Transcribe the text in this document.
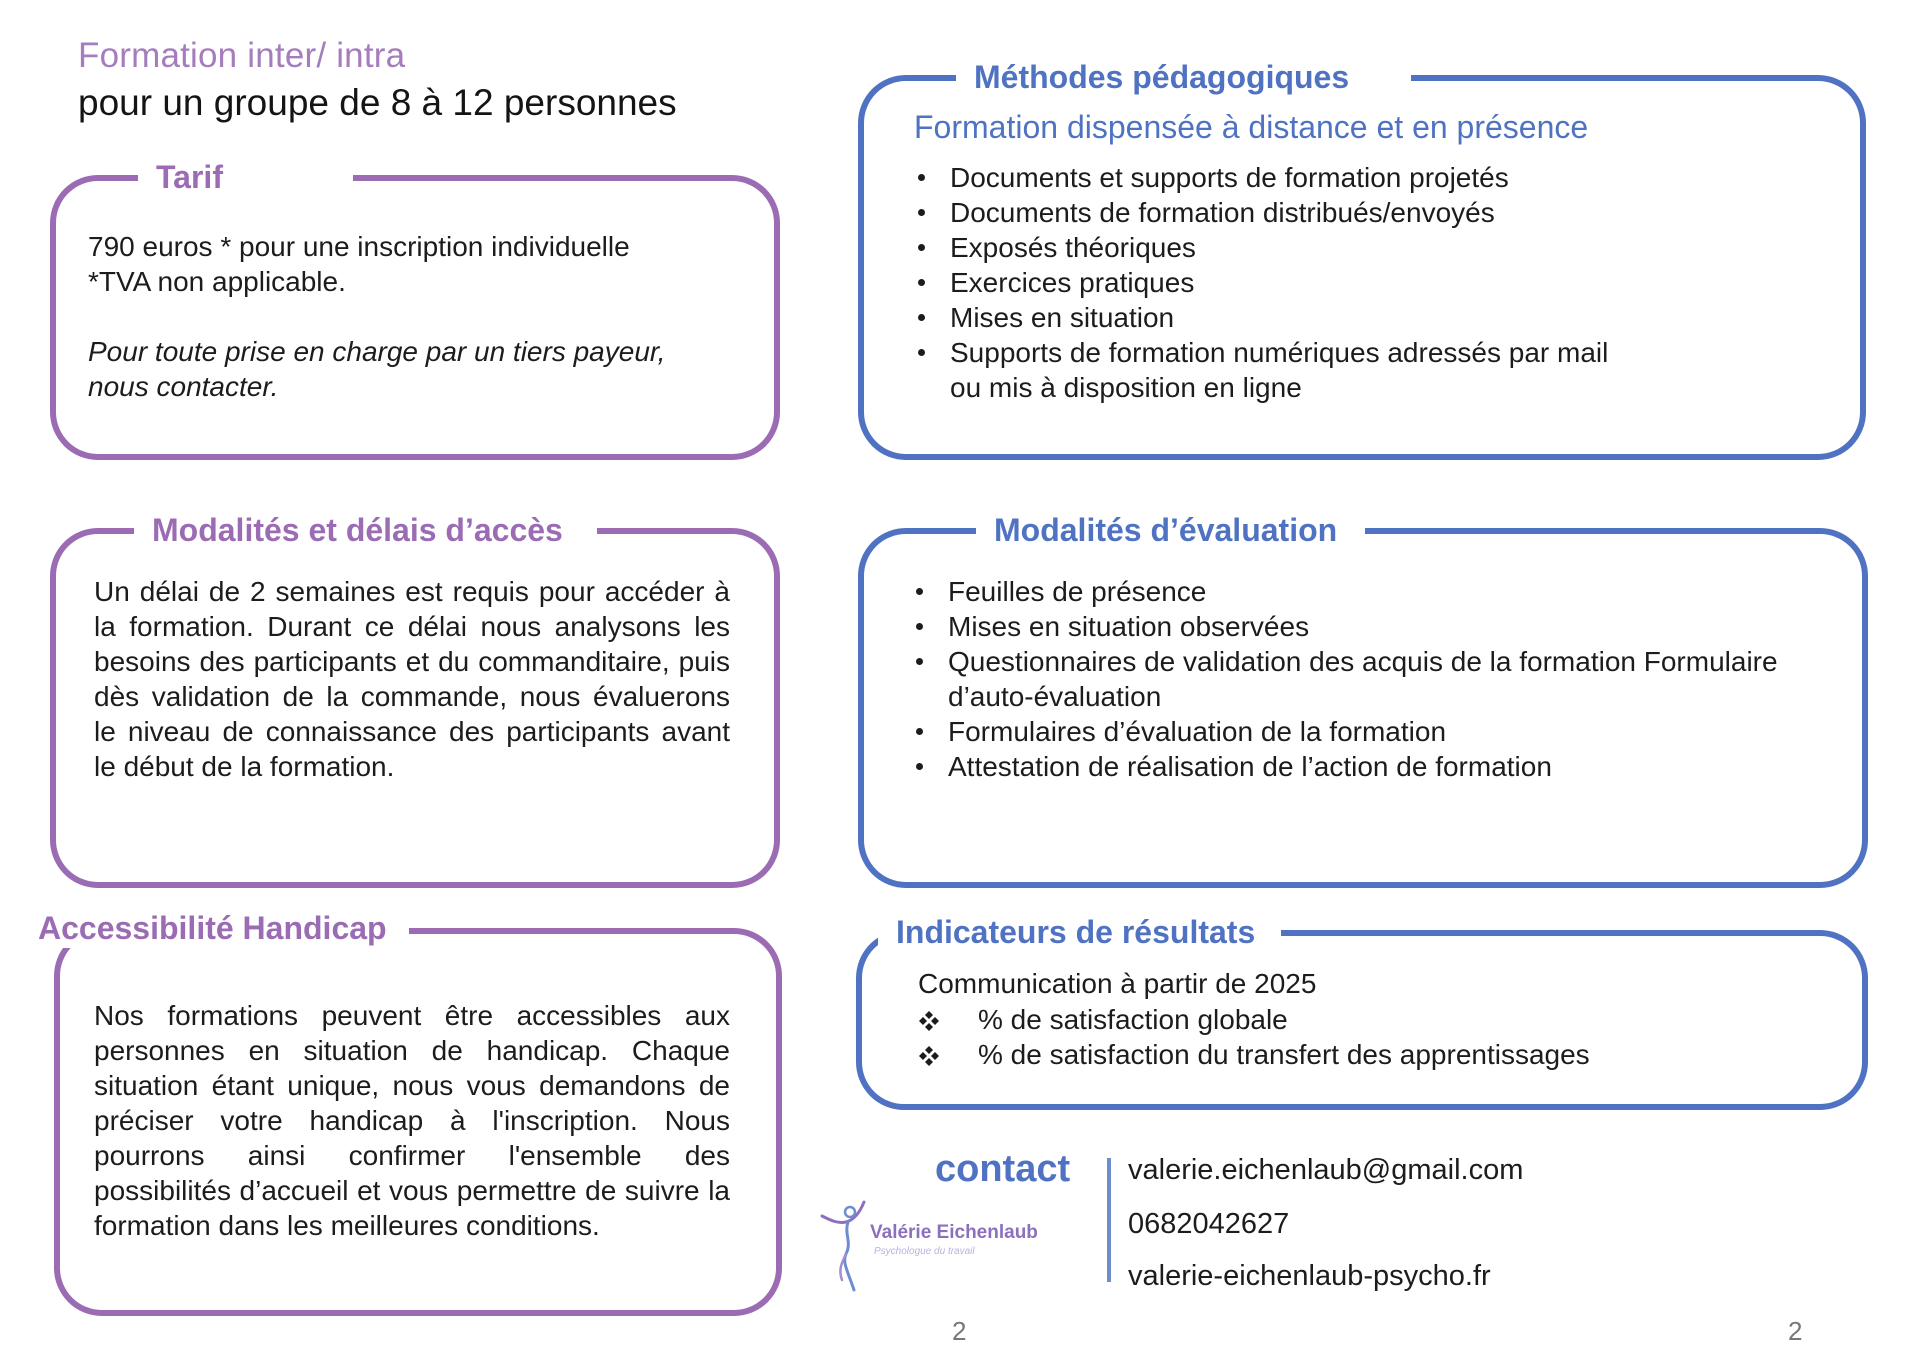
Formation inter/ intra
pour un groupe de 8 à 12 personnes
Tarif
790 euros * pour une inscription individuelle
*TVA non applicable.
Pour toute prise en charge par un tiers payeur, nous contacter.
Modalités et délais d’accès
Un délai de 2 semaines est requis pour accéder à la formation. Durant ce délai nous analysons les besoins des participants et du commanditaire, puis dès validation de la commande, nous évaluerons le niveau de connaissance des participants avant le début de la formation.
Accessibilité Handicap
Nos formations peuvent être accessibles aux personnes en situation de handicap. Chaque situation étant unique, nous vous demandons de préciser votre handicap à l'inscription. Nous pourrons ainsi confirmer l'ensemble des possibilités d’accueil et vous permettre de suivre la formation dans les meilleures conditions.
Méthodes pédagogiques
Formation dispensée à distance et en présence
Documents et supports de formation projetés
Documents de formation distribués/envoyés
Exposés théoriques
Exercices pratiques
Mises en situation
Supports de formation numériques adressés par mail ou mis à disposition en ligne
Modalités d’évaluation
Feuilles de présence
Mises en situation observées
Questionnaires de validation des acquis de la formation Formulaire d’auto-évaluation
Formulaires d’évaluation de la formation
Attestation de réalisation de l’action de formation
Indicateurs de résultats
Communication à partir de 2025
% de satisfaction globale
% de satisfaction du transfert des apprentissages
contact valerie.eichenlaub@gmail.com
0682042627
valerie-eichenlaub-psycho.fr
Valérie Eichenlaub
Psychologue du travail
2	2
